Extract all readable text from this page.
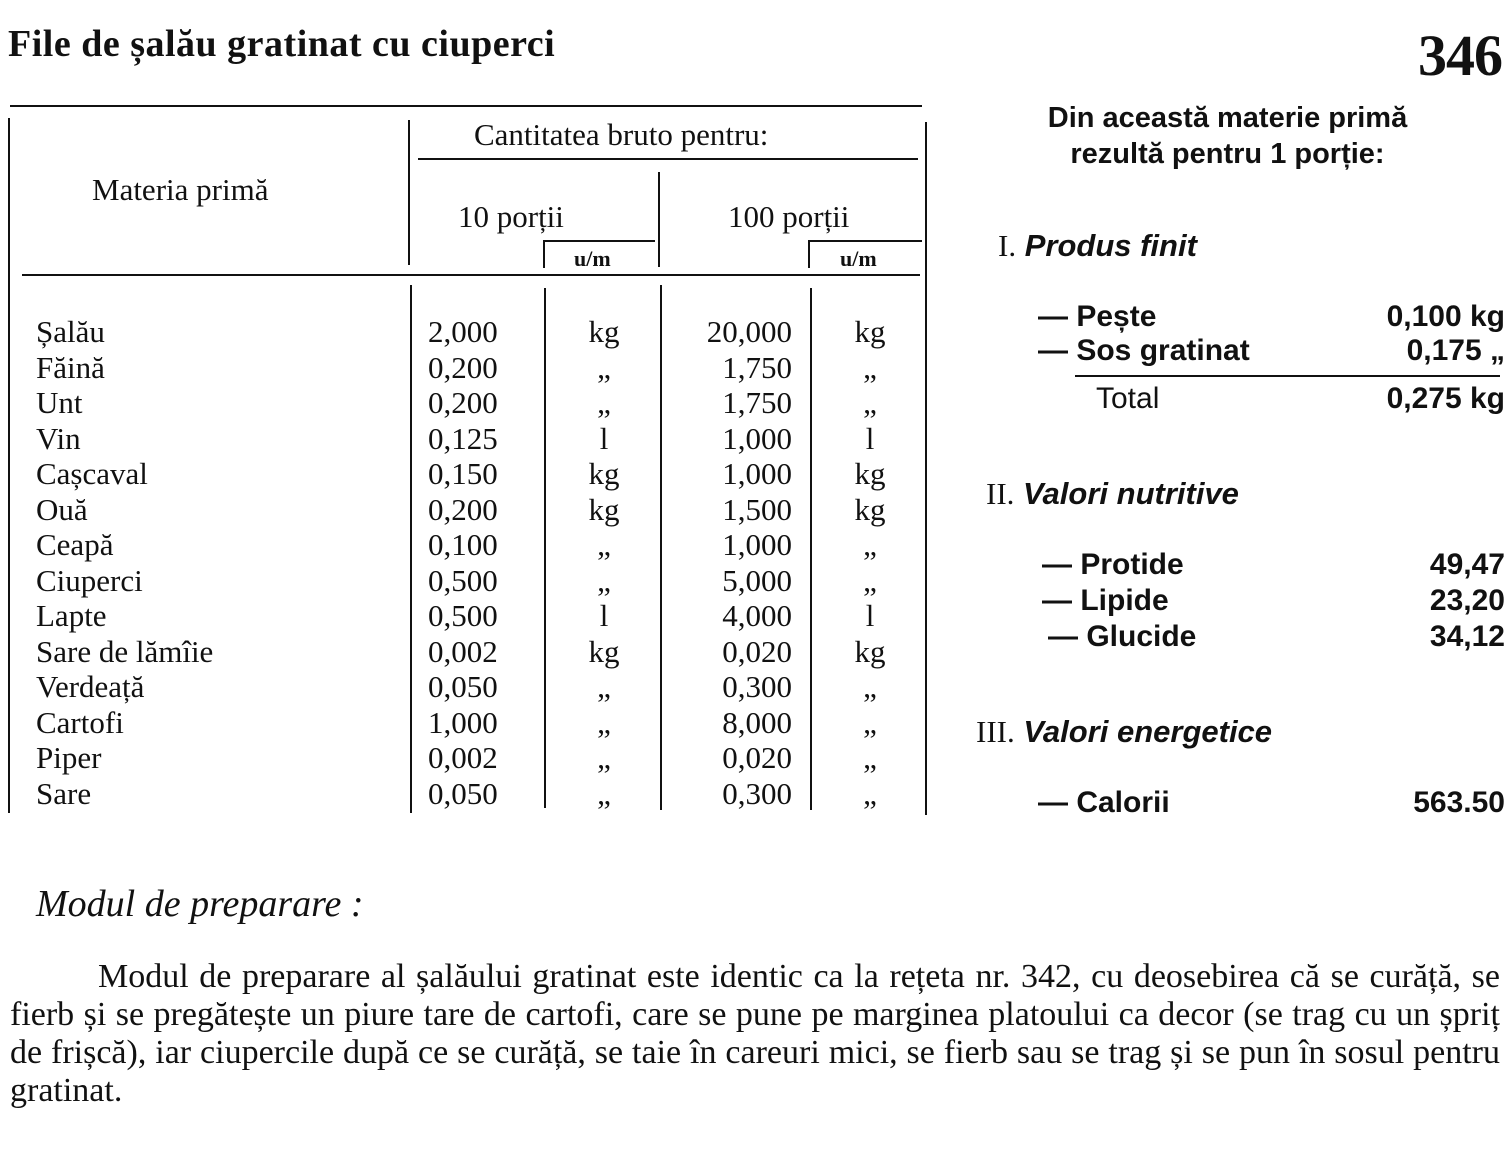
File de șalău gratinat cu ciuperci	346
Materia primă
Cantitatea bruto pentru:
10 porții	100 porții
u/m	u/m
Șalău	2,000	kg	20,000	kg
Făină	0,200	„	1,750	„
Unt	0,200	„	1,750	„
Vin	0,125	l	1,000	l
Cașcaval	0,150	kg	1,000	kg
Ouă	0,200	kg	1,500	kg
Ceapă	0,100	„	1,000	„
Ciuperci	0,500	„	5,000	„
Lapte	0,500	l	4,000	l
Sare de lămîie	0,002	kg	0,020	kg
Verdeață	0,050	„	0,300	„
Cartofi	1,000	„	8,000	„
Piper	0,002	„	0,020	„
Sare	0,050	„	0,300	„
Din această materie primă
rezultă pentru 1 porție:
I. Produs finit
— Pește	0,100 kg
— Sos gratinat	0,175 „
Total	0,275 kg
II. Valori nutritive
— Protide	49,47
— Lipide	23,20
— Glucide	34,12
III. Valori energetice
— Calorii	563.50
Modul de preparare :

Modul de preparare al șalăului gratinat este identic ca la rețeta nr. 342, cu deosebirea că se curăță, se fierb și se pregătește un piure tare de cartofi, care se pune pe marginea platoului ca decor (se trag cu un șpriț de frișcă), iar ciupercile după ce se curăță, se taie în careuri mici, se fierb sau se trag și se pun în sosul pentru gratinat.
